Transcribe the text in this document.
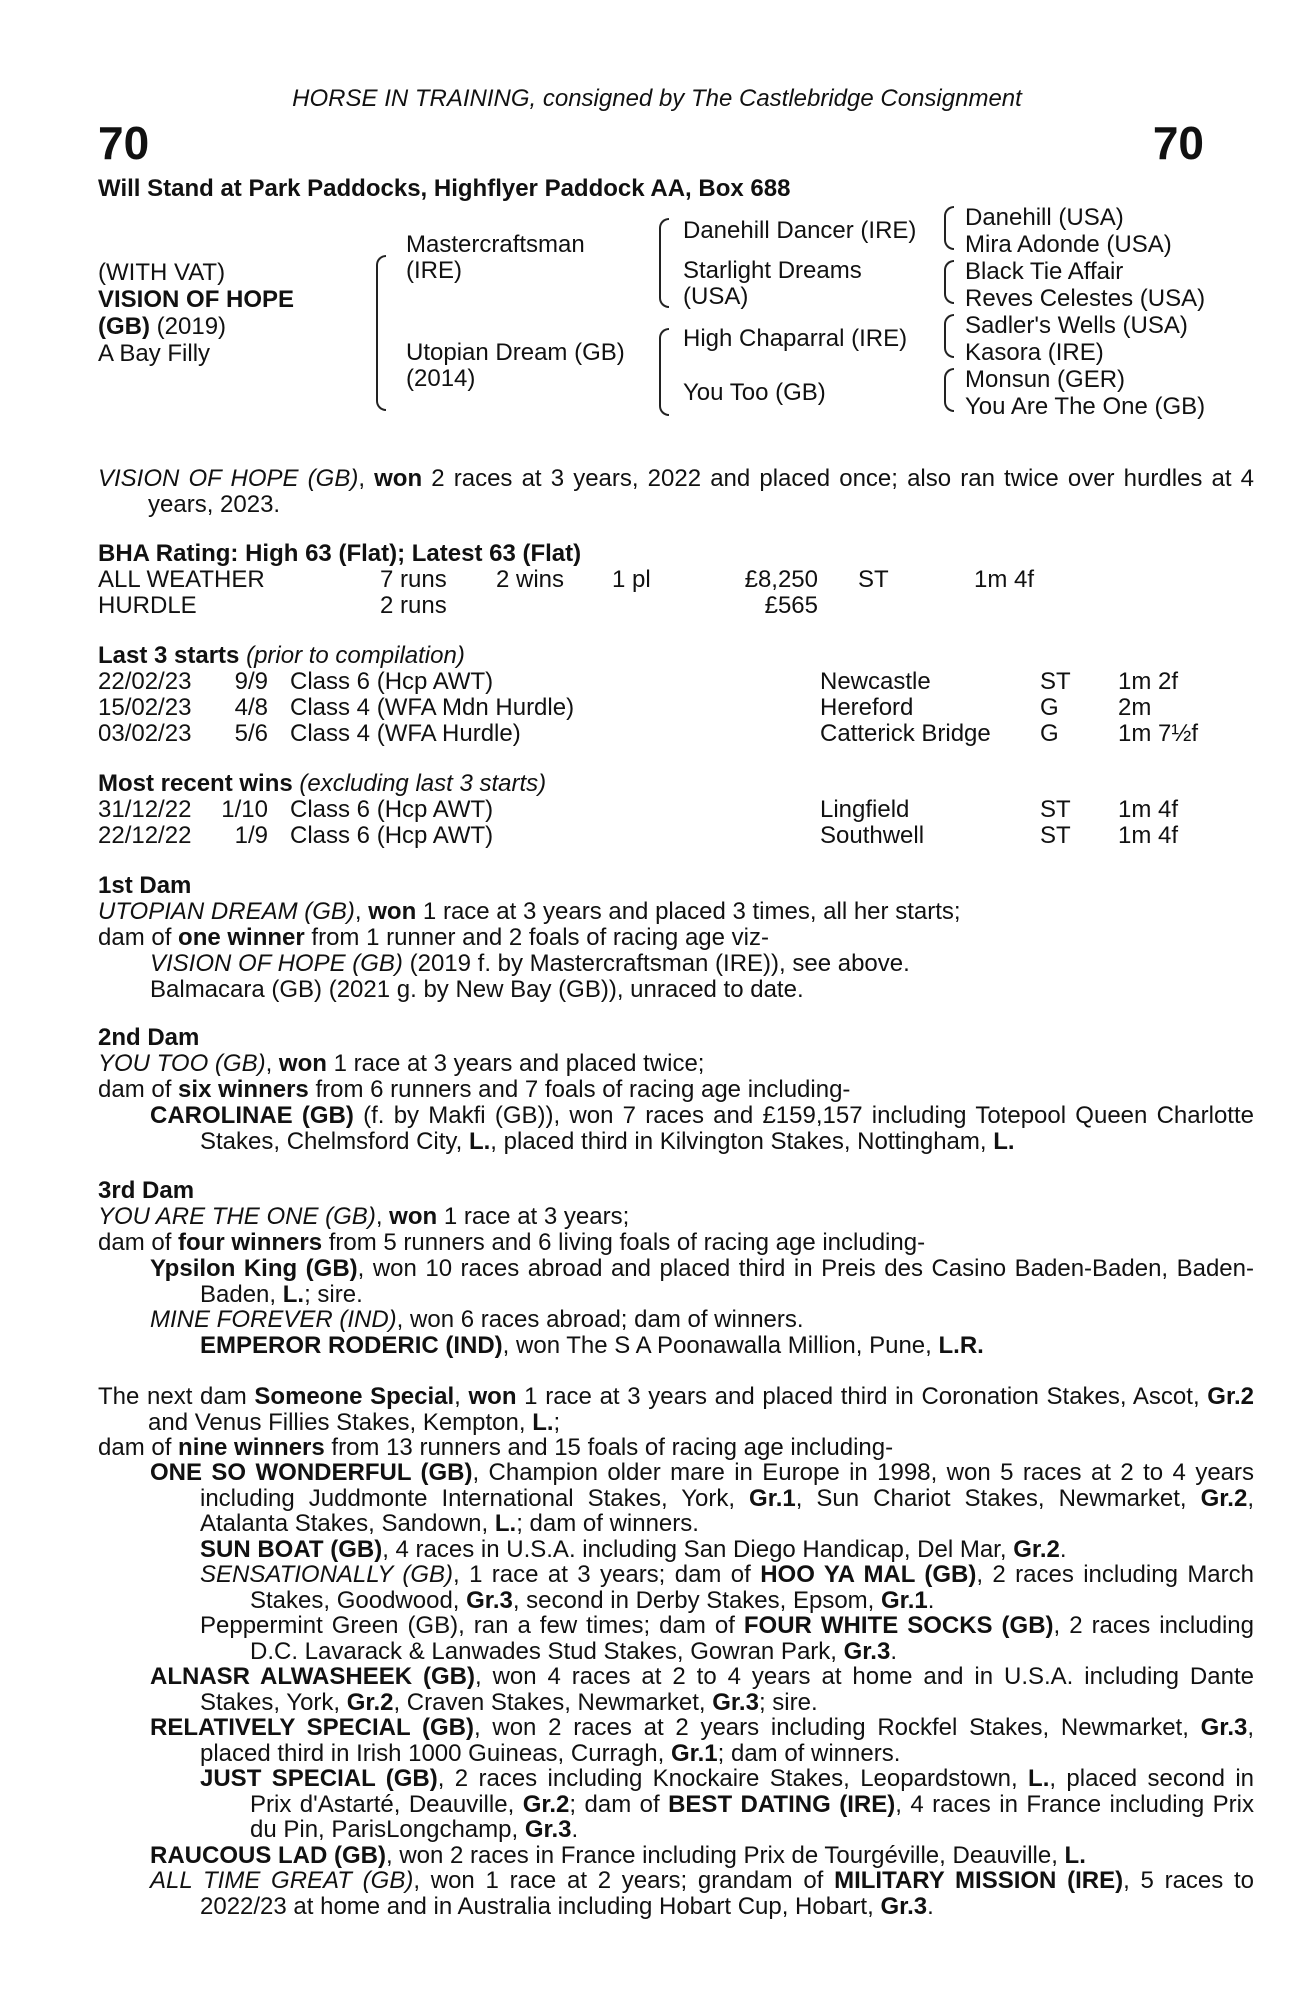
HORSE IN TRAINING, consigned by The Castlebridge Consignment
70	70
Will Stand at Park Paddocks, Highflyer Paddock AA, Box 688
(WITH VAT)
VISION OF HOPE
(GB) (2019)
A Bay Filly
Mastercraftsman
(IRE)
Utopian Dream (GB)
(2014)
Danehill Dancer (IRE)
Starlight Dreams
(USA)
High Chaparral (IRE)
You Too (GB)
Danehill (USA)
Mira Adonde (USA)
Black Tie Affair
Reves Celestes (USA)
Sadler's Wells (USA)
Kasora (IRE)
Monsun (GER)
You Are The One (GB)

VISION OF HOPE (GB), won 2 races at 3 years, 2022 and placed once; also ran twice over hurdles at 4 years, 2023.

BHA Rating: High 63 (Flat); Latest 63 (Flat)
ALL WEATHER	7 runs 2 wins 1 pl	£8,250 ST	1m 4f
HURDLE	2 runs	£565
Last 3 starts (prior to compilation)
22/02/23	9/9 Class 6 (Hcp AWT)	Newcastle	ST 1m 2f
15/02/23	4/8 Class 4 (WFA Mdn Hurdle)	Hereford	G 2m
03/02/23	5/6 Class 4 (WFA Hurdle)	Catterick Bridge G 1m 7½f
Most recent wins (excluding last 3 starts)
31/12/22	1/10 Class 6 (Hcp AWT)	Lingfield	ST 1m 4f
22/12/22	1/9 Class 6 (Hcp AWT)	Southwell	ST 1m 4f
1st Dam
UTOPIAN DREAM (GB), won 1 race at 3 years and placed 3 times, all her starts;
dam of one winner from 1 runner and 2 foals of racing age viz-
VISION OF HOPE (GB) (2019 f. by Mastercraftsman (IRE)), see above.
Balmacara (GB) (2021 g. by New Bay (GB)), unraced to date.
2nd Dam
YOU TOO (GB), won 1 race at 3 years and placed twice;
dam of six winners from 6 runners and 7 foals of racing age including-

CAROLINAE (GB) (f. by Makfi (GB)), won 7 races and £159,157 including Totepool Queen Charlotte Stakes, Chelmsford City, L., placed third in Kilvington Stakes, Nottingham, L.

3rd Dam
YOU ARE THE ONE (GB), won 1 race at 3 years;
dam of four winners from 5 runners and 6 living foals of racing age including-

Ypsilon King (GB), won 10 races abroad and placed third in Preis des Casino Baden-Baden, Baden-Baden, L.; sire.

MINE FOREVER (IND), won 6 races abroad; dam of winners.
EMPEROR RODERIC (IND), won The S A Poonawalla Million, Pune, L.R.

The next dam Someone Special, won 1 race at 3 years and placed third in Coronation Stakes, Ascot, Gr.2 and Venus Fillies Stakes, Kempton, L.;

dam of nine winners from 13 runners and 15 foals of racing age including-

ONE SO WONDERFUL (GB), Champion older mare in Europe in 1998, won 5 races at 2 to 4 years including Juddmonte International Stakes, York, Gr.1, Sun Chariot Stakes, Newmarket, Gr.2, Atalanta Stakes, Sandown, L.; dam of winners.

SUN BOAT (GB), 4 races in U.S.A. including San Diego Handicap, Del Mar, Gr.2.

SENSATIONALLY (GB), 1 race at 3 years; dam of HOO YA MAL (GB), 2 races including March Stakes, Goodwood, Gr.3, second in Derby Stakes, Epsom, Gr.1.

Peppermint Green (GB), ran a few times; dam of FOUR WHITE SOCKS (GB), 2 races including D.C. Lavarack & Lanwades Stud Stakes, Gowran Park, Gr.3.

ALNASR ALWASHEEK (GB), won 4 races at 2 to 4 years at home and in U.S.A. including Dante Stakes, York, Gr.2, Craven Stakes, Newmarket, Gr.3; sire.

RELATIVELY SPECIAL (GB), won 2 races at 2 years including Rockfel Stakes, Newmarket, Gr.3, placed third in Irish 1000 Guineas, Curragh, Gr.1; dam of winners.

JUST SPECIAL (GB), 2 races including Knockaire Stakes, Leopardstown, L., placed second in Prix d'Astarté, Deauville, Gr.2; dam of BEST DATING (IRE), 4 races in France including Prix du Pin, ParisLongchamp, Gr.3.

RAUCOUS LAD (GB), won 2 races in France including Prix de Tourgéville, Deauville, L.

ALL TIME GREAT (GB), won 1 race at 2 years; grandam of MILITARY MISSION (IRE), 5 races to 2022/23 at home and in Australia including Hobart Cup, Hobart, Gr.3.
